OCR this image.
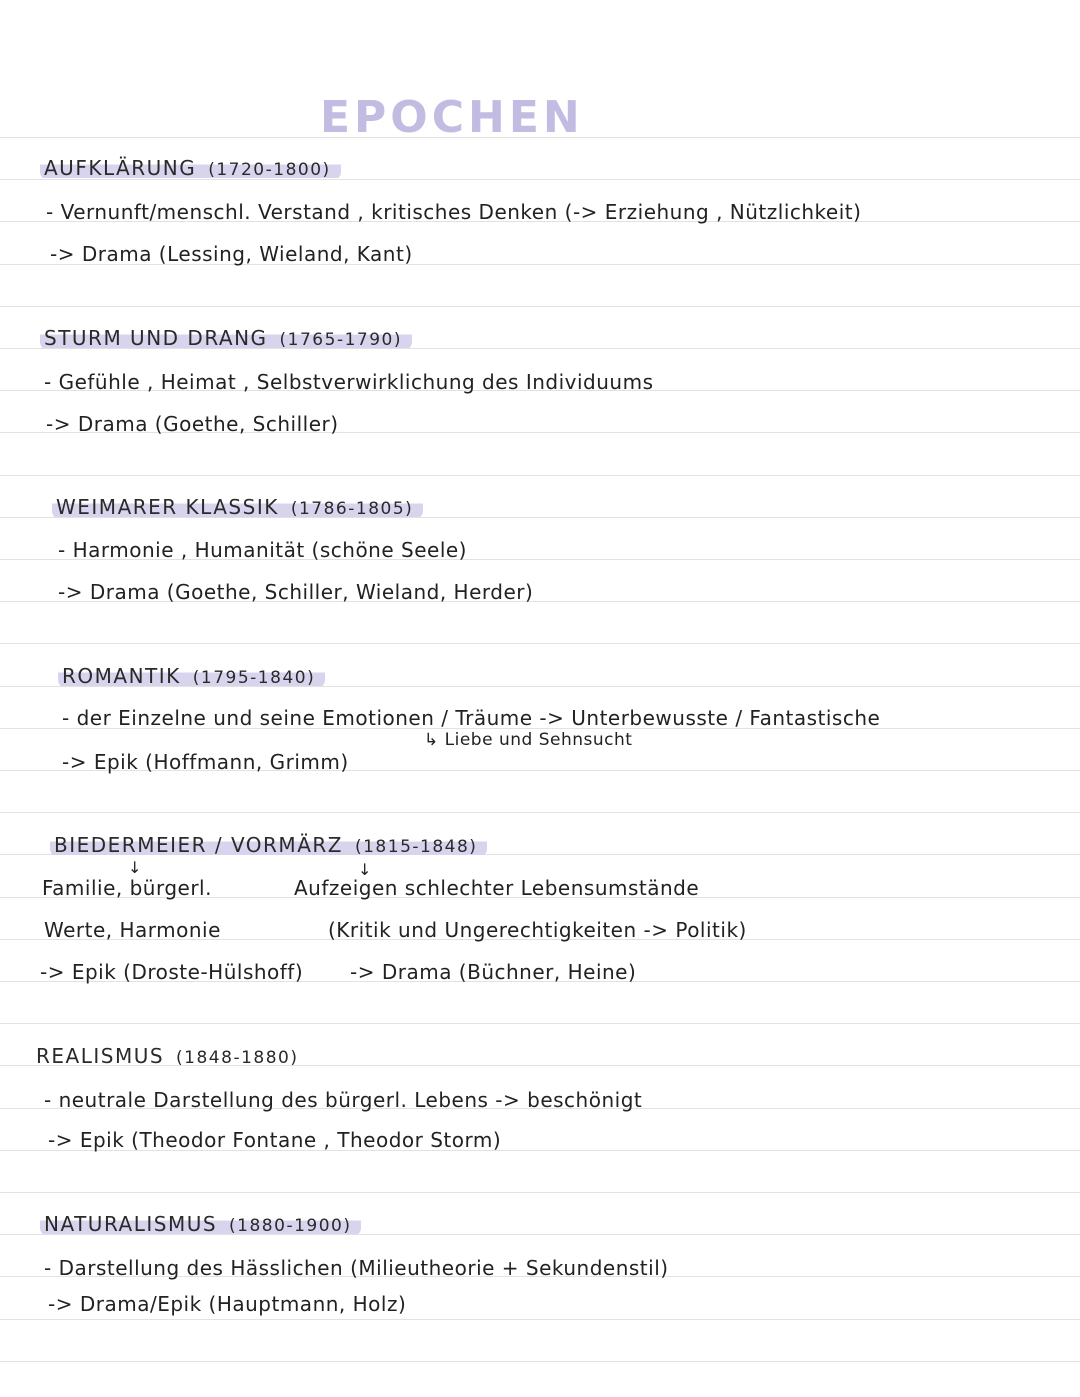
EPOCHEN
AUFKLÄRUNG (1720-1800)
- Vernunft/menschl. Verstand , kritisches Denken (-> Erziehung , Nützlichkeit)
-> Drama (Lessing, Wieland, Kant)
STURM UND DRANG (1765-1790)
- Gefühle , Heimat , Selbstverwirklichung des Individuums
-> Drama (Goethe, Schiller)
WEIMARER KLASSIK (1786-1805)
- Harmonie , Humanität (schöne Seele)
-> Drama (Goethe, Schiller, Wieland, Herder)
ROMANTIK (1795-1840)
- der Einzelne und seine Emotionen / Träume -> Unterbewusste / Fantastische
↳ Liebe und Sehnsucht
-> Epik (Hoffmann, Grimm)
BIEDERMEIER / VORMÄRZ (1815-1848)
↓	↓
Familie, bürgerl.
Werte, Harmonie
-> Epik (Droste-Hülshoff)
Aufzeigen schlechter Lebensumstände
(Kritik und Ungerechtigkeiten -> Politik)
-> Drama (Büchner, Heine)
REALISMUS (1848-1880)
- neutrale Darstellung des bürgerl. Lebens -> beschönigt
-> Epik (Theodor Fontane , Theodor Storm)
NATURALISMUS (1880-1900)
- Darstellung des Hässlichen (Milieutheorie + Sekundenstil)
-> Drama/Epik (Hauptmann, Holz)
